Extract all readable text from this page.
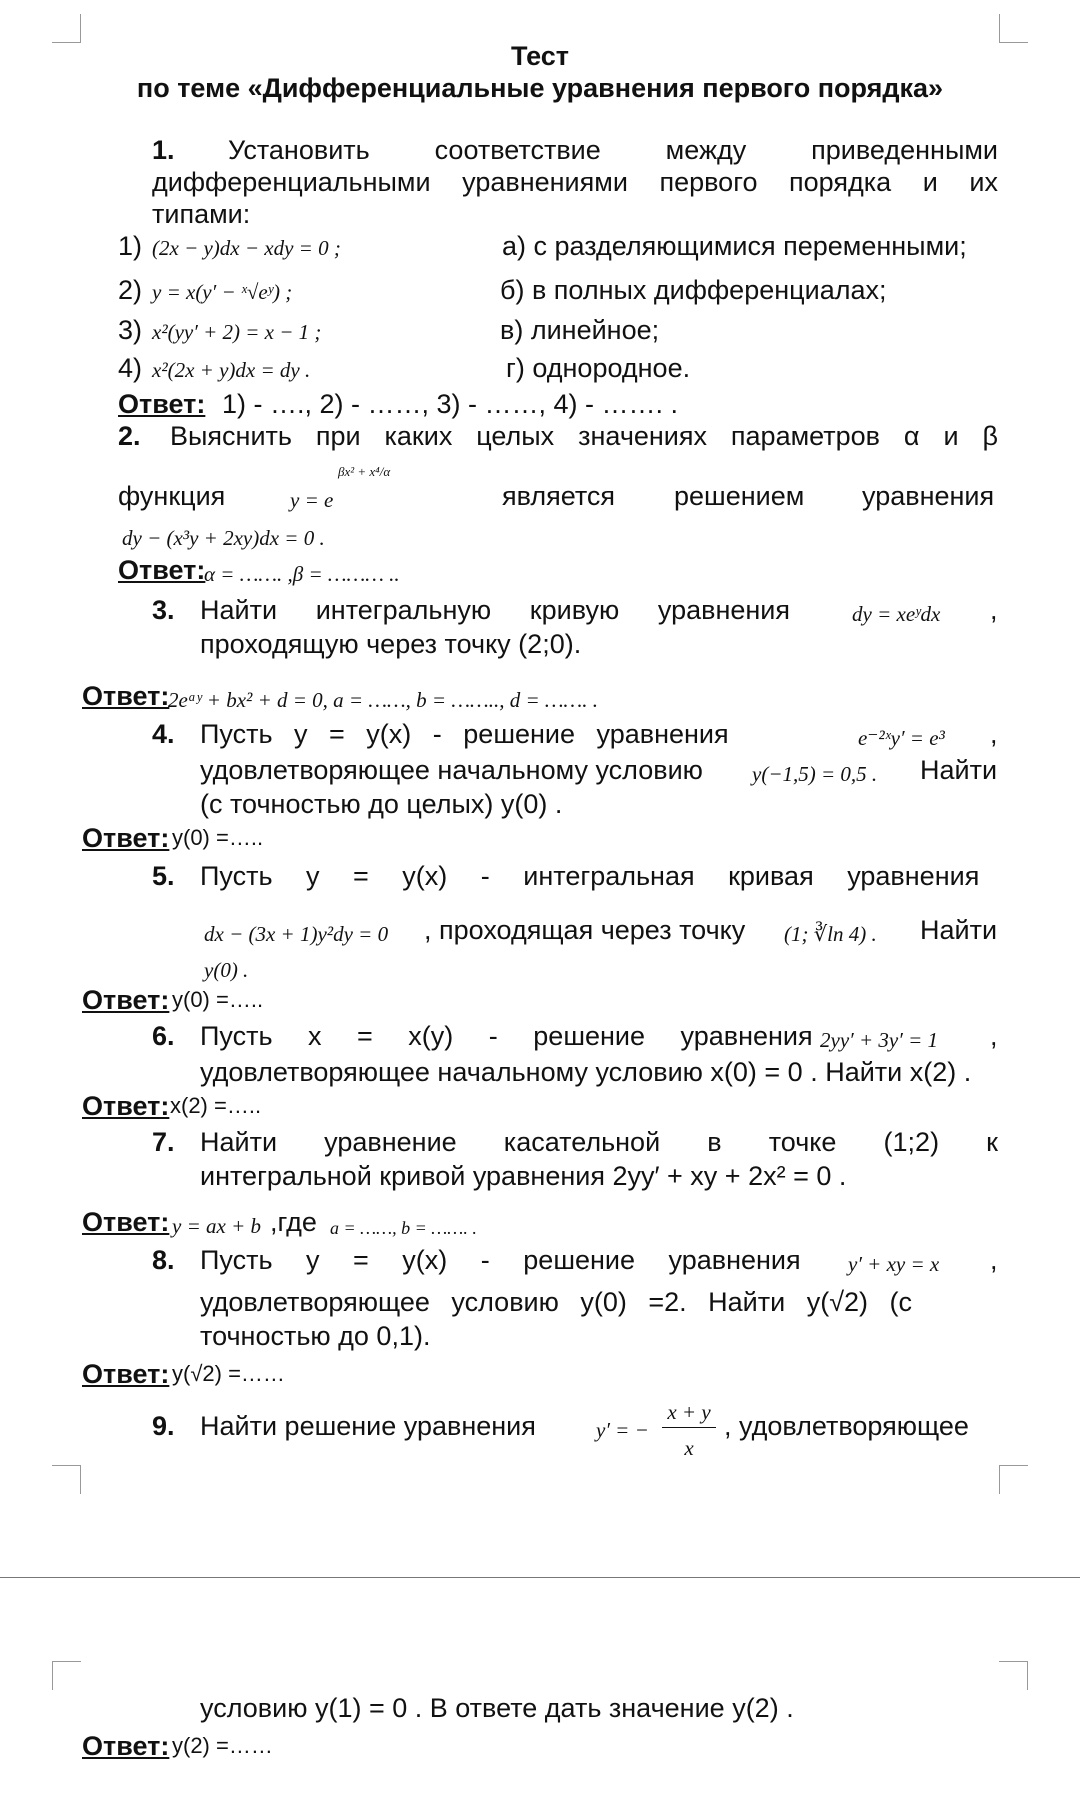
Тест
по теме «Дифференциальные уравнения первого порядка»
1. Установить соответствие между приведенными
дифференциальными уравнениями первого порядка и их
типами:
1) (2x − y)dx − xdy = 0 ;	а) с разделяющимися переменными;
2) y = x(y′ − ˣ√eʸ) ;	б) в полных дифференциалах;
3) x²(yy′ + 2) = x − 1 ;	в) линейное;
4) x²(2x + y)dx = dy .	г) однородное.
Ответ: 1) - …., 2) - ……, 3) - ……, 4) - ……. .
2. Выяснить при каких целых значениях параметров α и β
функция	y = e
βx² + x⁴/α
является решением уравнения
dy − (x³y + 2xy)dx = 0 .
Ответ:
α = ……. ,β = ……… ..
3. Найти интегральную кривую уравнения	dy = xeʸdx ,
проходящую через точку (2;0).
Ответ:
2eᵃʸ + bx² + d = 0, a = ……, b = …….., d = ……. .
4. Пусть y = y(x) - решение уравнения	e⁻²ˣy′ = e³ ,
удовлетворяющее начальному условию y(−1,5) = 0,5 . Найти
(с точностью до целых) y(0) .
Ответ: y(0) =…..
5. Пусть y = y(x) - интегральная кривая уравнения
dx − (3x + 1)y²dy = 0 , проходящая через точку (1; ∛ln 4) . Найти
y(0) .
Ответ: y(0) =…..
6. Пусть x = x(y) - решение уравнения 2yy′ + 3y′ = 1 ,
удовлетворяющее начальному условию x(0) = 0 . Найти x(2) .
Ответ: x(2) =…..
7. Найти уравнение касательной в точке (1;2) к
интегральной кривой уравнения 2yy′ + xy + 2x² = 0 .
Ответ: y = ax + b ,где a = ……, b = ……. .
8. Пусть y = y(x) - решение уравнения y′ + xy = x ,
удовлетворяющее условию y(0) =2. Найти y(√2) (с
точностью до 0,1).
Ответ: y(√2) =……
9. Найти решение уравнения	y′ = −
x + y
x
, удовлетворяющее
условию y(1) = 0 . В ответе дать значение y(2) .
Ответ: y(2) =……
